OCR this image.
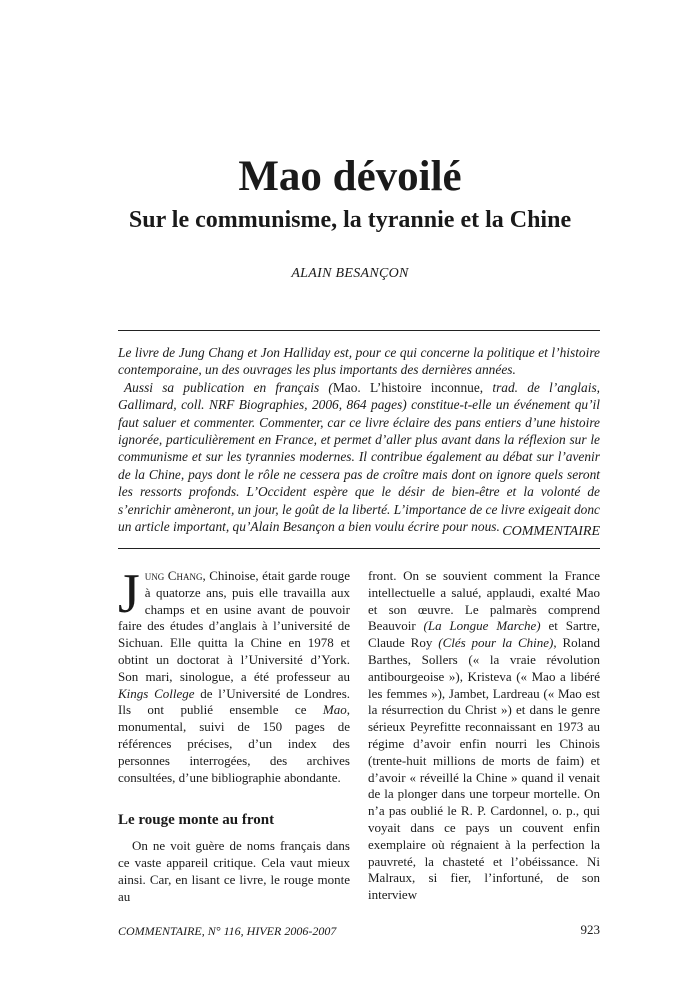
Mao dévoilé
Sur le communisme, la tyrannie et la Chine
ALAIN BESANÇON

Le livre de Jung Chang et Jon Halliday est, pour ce qui concerne la politique et l’histoire contemporaine, un des ouvrages les plus importants des dernières années.

Aussi sa publication en français (Mao. L’histoire inconnue, trad. de l’anglais, Gallimard, coll. NRF Biographies, 2006, 864 pages) constitue-t-elle un événement qu’il faut saluer et commenter. Commenter, car ce livre éclaire des pans entiers d’une histoire ignorée, particulièrement en France, et permet d’aller plus avant dans la réflexion sur le communisme et sur les tyrannies modernes. Il contribue également au débat sur l’avenir de la Chine, pays dont le rôle ne cessera pas de croître mais dont on ignore quels seront les ressorts profonds. L’Occident espère que le désir de bien-être et la volonté de s’enrichir amèneront, un jour, le goût de la liberté. L’importance de ce livre exigeait donc un article important, qu’Alain Besançon a bien voulu écrire pour nous. COMMENTAIRE

Jung Chang, Chinoise, était garde rouge à quatorze ans, puis elle travailla aux champs et en usine avant de pouvoir faire des études d’anglais à l’université de Sichuan. Elle quitta la Chine en 1978 et obtint un doctorat à l’Université d’York. Son mari, sinologue, a été professeur au Kings College de l’Université de Londres. Ils ont publié ensemble ce Mao, monumental, suivi de 150 pages de références précises, d’un index des personnes interrogées, des archives consultées, d’une bibliographie abondante.

Le rouge monte au front

On ne voit guère de noms français dans ce vaste appareil critique. Cela vaut mieux ainsi. Car, en lisant ce livre, le rouge monte au

front. On se souvient comment la France intellectuelle a salué, applaudi, exalté Mao et son œuvre. Le palmarès comprend Beauvoir (La Longue Marche) et Sartre, Claude Roy (Clés pour la Chine), Roland Barthes, Sollers (« la vraie révolution antibourgeoise »), Kristeva (« Mao a libéré les femmes »), Jambet, Lardreau (« Mao est la résurrection du Christ ») et dans le genre sérieux Peyrefitte reconnaissant en 1973 au régime d’avoir enfin nourri les Chinois (trente-huit millions de morts de faim) et d’avoir « réveillé la Chine » quand il venait de la plonger dans une torpeur mortelle. On n’a pas oublié le R. P. Cardonnel, o. p., qui voyait dans ce pays un couvent enfin exemplaire où régnaient à la perfection la pauvreté, la chasteté et l’obéissance. Ni Malraux, si fier, l’infortuné, de son interview

COMMENTAIRE, N° 116, HIVER 2006-2007	923
